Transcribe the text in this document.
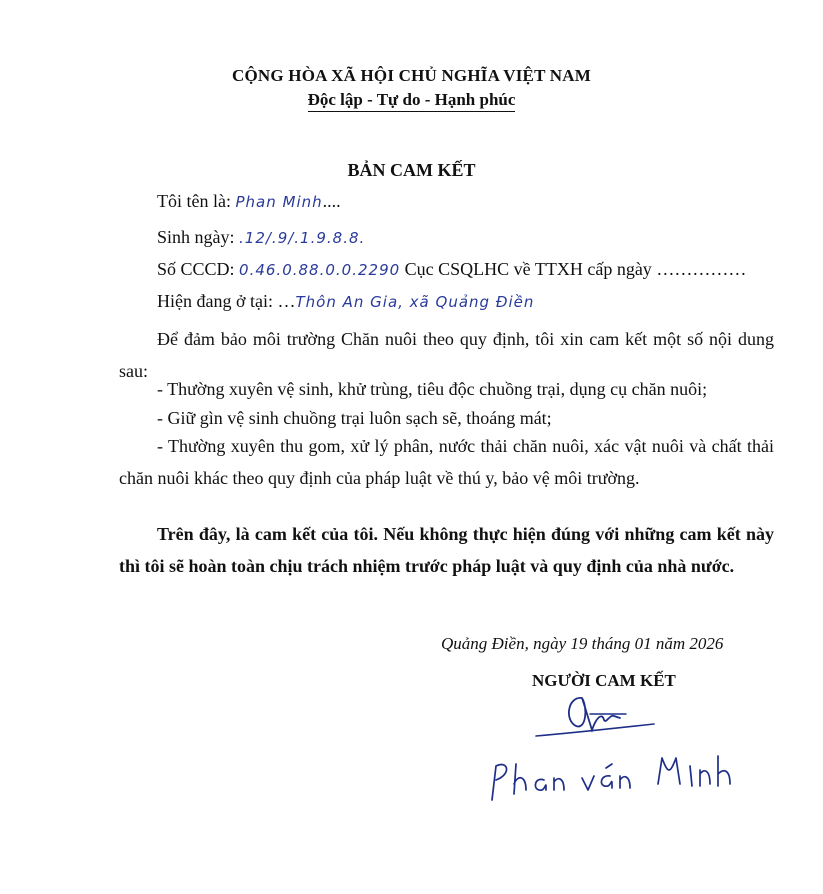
CỘNG HÒA XÃ HỘI CHỦ NGHĨA VIỆT NAM
Độc lập - Tự do - Hạnh phúc
BẢN CAM KẾT
Tôi tên là: Phan Minh....
Sinh ngày: .12/.9/.1.9.8.8.
Số CCCD: 0.46.0.88.0.0.2290 Cục CSQLHC về TTXH cấp ngày ……………
Hiện đang ở tại: …Thôn An Gia, xã Quảng Điền
Để đảm bảo môi trường Chăn nuôi theo quy định, tôi xin cam kết một số nội dung sau:
- Thường xuyên vệ sinh, khử trùng, tiêu độc chuồng trại, dụng cụ chăn nuôi;
- Giữ gìn vệ sinh chuồng trại luôn sạch sẽ, thoáng mát;
- Thường xuyên thu gom, xử lý phân, nước thải chăn nuôi, xác vật nuôi và chất thải chăn nuôi khác theo quy định của pháp luật về thú y, bảo vệ môi trường.
Trên đây, là cam kết của tôi. Nếu không thực hiện đúng với những cam kết này thì tôi sẽ hoàn toàn chịu trách nhiệm trước pháp luật và quy định của nhà nước.
Quảng Điền, ngày 19 tháng 01 năm 2026
NGƯỜI CAM KẾT
